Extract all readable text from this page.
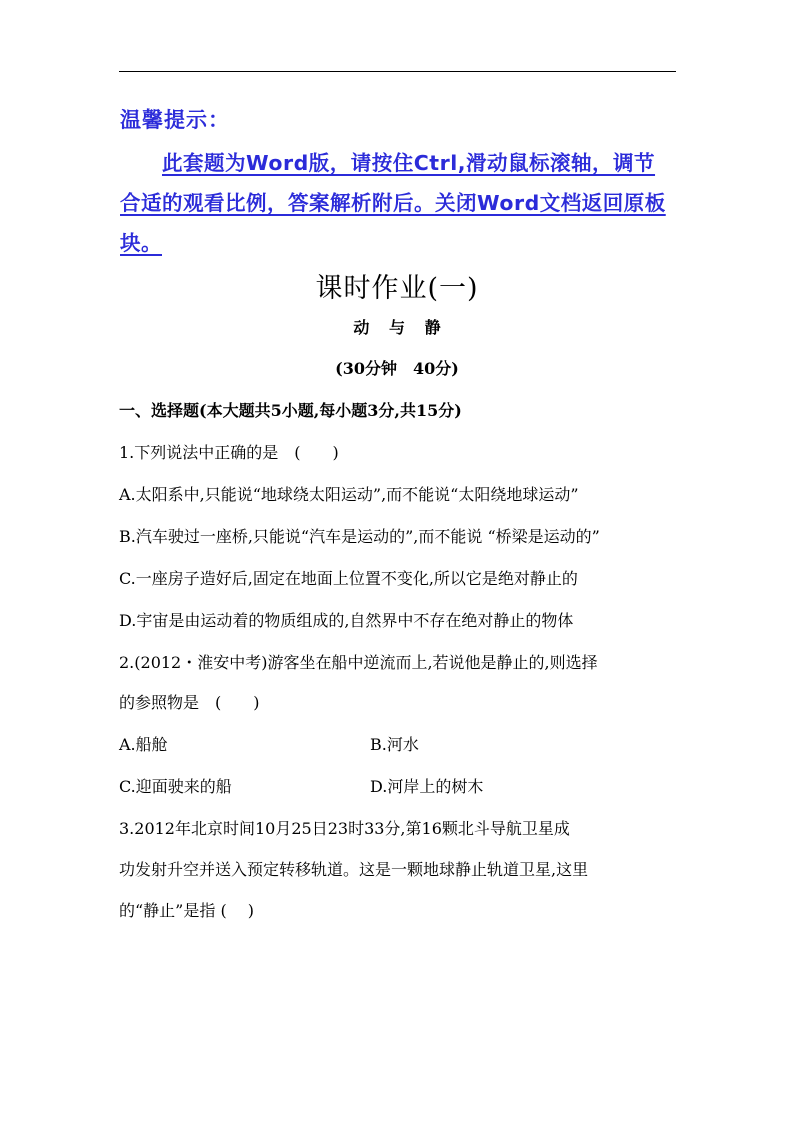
温馨提示：
此套题为Word版，请按住Ctrl,滑动鼠标滚轴，调节合适的观看比例，答案解析附后。关闭Word文档返回原板块。
课时作业(一)
动 与 静
(30分钟　40分)
一、选择题(本大题共5小题,每小题3分,共15分)
1.下列说法中正确的是　(　　)
A.太阳系中,只能说“地球绕太阳运动”,而不能说“太阳绕地球运动”
B.汽车驶过一座桥,只能说“汽车是运动的”,而不能说 “桥梁是运动的”
C.一座房子造好后,固定在地面上位置不变化,所以它是绝对静止的
D.宇宙是由运动着的物质组成的,自然界中不存在绝对静止的物体
2.(2012・淮安中考)游客坐在船中逆流而上,若说他是静止的,则选择
的参照物是　(　　)
A.船舱	B.河水
C.迎面驶来的船	D.河岸上的树木
3.2012年北京时间10月25日23时33分,第16颗北斗导航卫星成
功发射升空并送入预定转移轨道。这是一颗地球静止轨道卫星,这里
的“静止”是指 (　 )
